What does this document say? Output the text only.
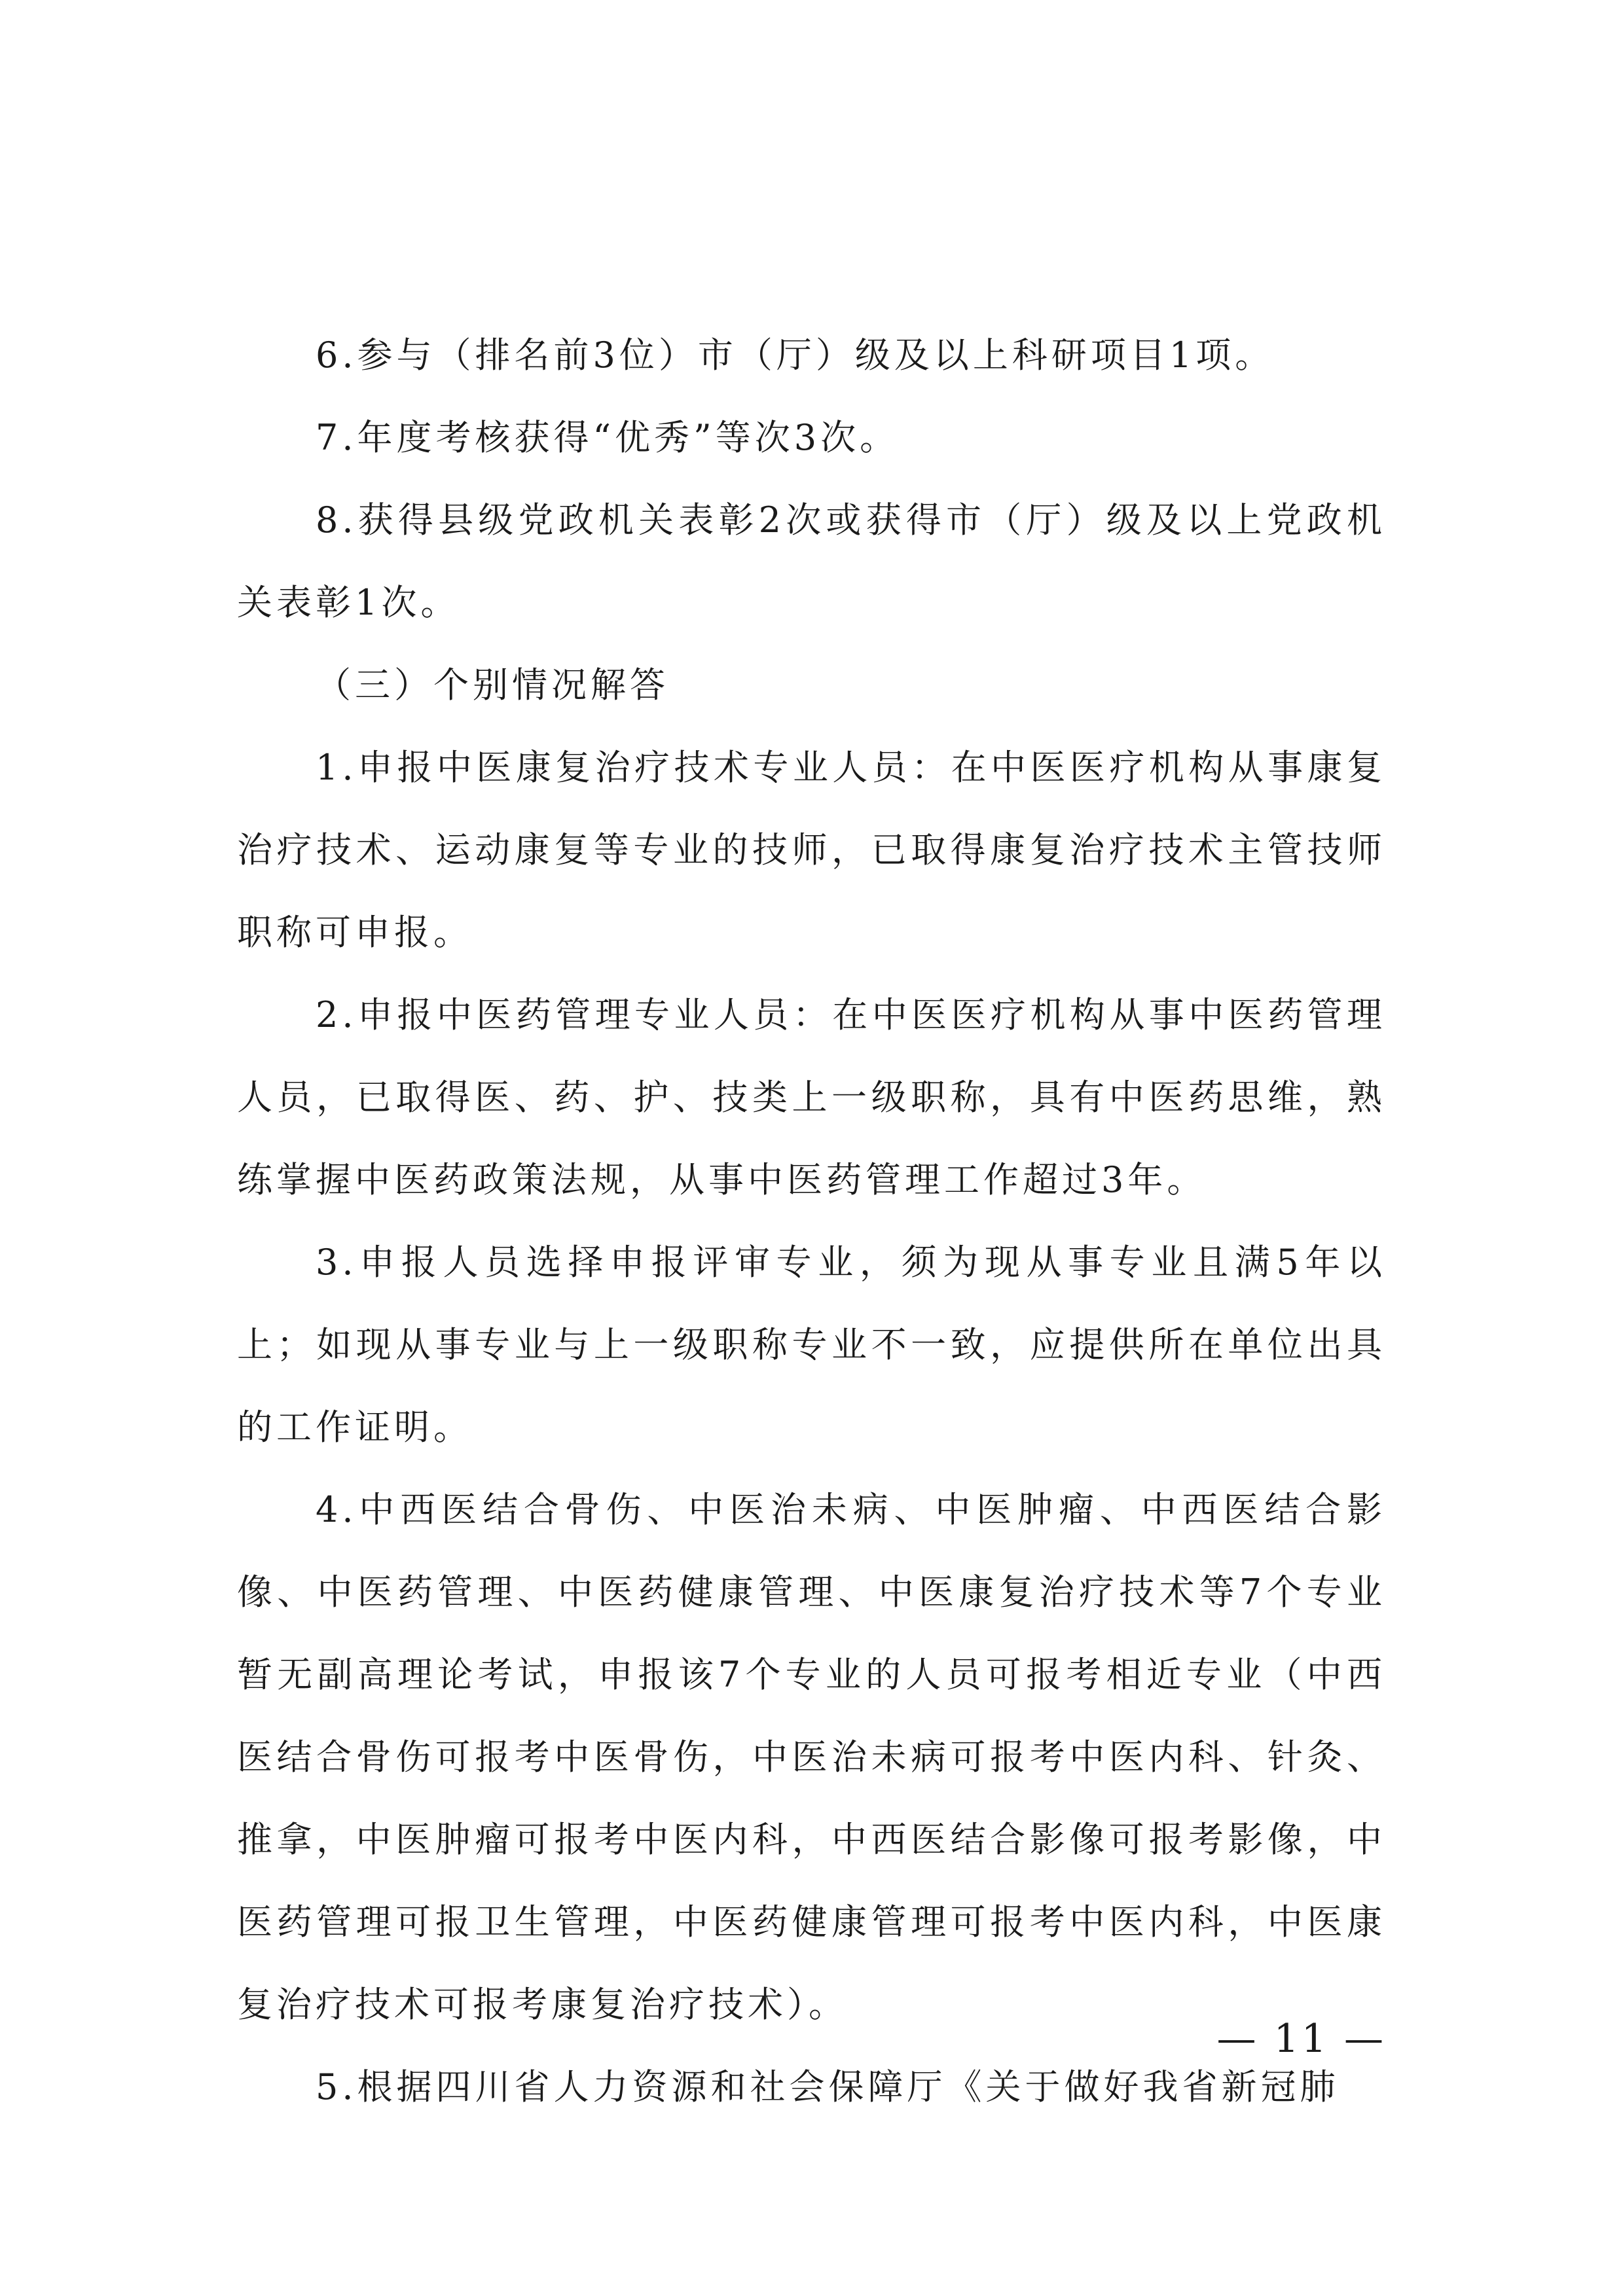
6.参与（排名前3位）市（厅）级及以上科研项目1项。

7.年度考核获得“优秀”等次3次。

8.获得县级党政机关表彰2次或获得市（厅）级及以上党政机关表彰1次。

（三）个别情况解答

1.申报中医康复治疗技术专业人员：在中医医疗机构从事康复治疗技术、运动康复等专业的技师，已取得康复治疗技术主管技师职称可申报。

2.申报中医药管理专业人员：在中医医疗机构从事中医药管理人员，已取得医、药、护、技类上一级职称，具有中医药思维，熟练掌握中医药政策法规，从事中医药管理工作超过3年。

3.申报人员选择申报评审专业，须为现从事专业且满5年以上；如现从事专业与上一级职称专业不一致，应提供所在单位出具的工作证明。

4.中西医结合骨伤、中医治未病、中医肿瘤、中西医结合影像、中医药管理、中医药健康管理、中医康复治疗技术等7个专业暂无副高理论考试，申报该7个专业的人员可报考相近专业（中西医结合骨伤可报考中医骨伤，中医治未病可报考中医内科、针灸、推拿，中医肿瘤可报考中医内科，中西医结合影像可报考影像，中医药管理可报卫生管理，中医药健康管理可报考中医内科，中医康复治疗技术可报考康复治疗技术）。

5.根据四川省人力资源和社会保障厅《关于做好我省新冠肺

— 11 —
